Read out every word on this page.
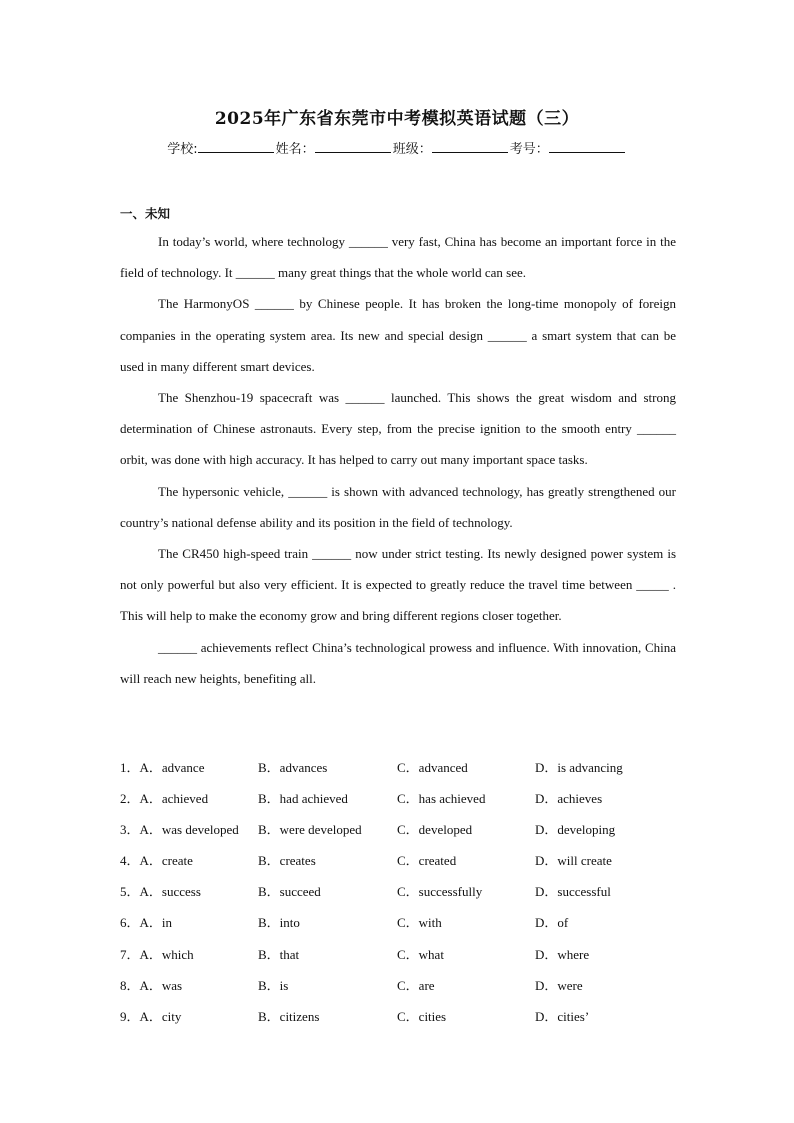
2025年广东省东莞市中考模拟英语试题（三）
学校:	姓名：	班级：	考号：
一、未知

In today’s world, where technology ______ very fast, China has become an important force in the field of technology. It ______ many great things that the whole world can see.

The HarmonyOS ______ by Chinese people. It has broken the long-time monopoly of foreign companies in the operating system area. Its new and special design ______ a smart system that can be used in many different smart devices.

The Shenzhou-19 spacecraft was ______ launched. This shows the great wisdom and strong determination of Chinese astronauts. Every step, from the precise ignition to the smooth entry ______ orbit, was done with high accuracy. It has helped to carry out many important space tasks.

The hypersonic vehicle, ______ is shown with advanced technology, has greatly strengthened our country’s national defense ability and its position in the field of technology.

The CR450 high-speed train ______ now under strict testing. Its newly designed power system is not only powerful but also very efficient. It is expected to greatly reduce the travel time between _____ . This will help to make the economy grow and bring different regions closer together.

______ achievements reflect China’s technological prowess and influence. With innovation, China will reach new heights, benefiting all.

1．A．advance	B．advances	C．advanced	D．is advancing
2．A．achieved	B．had achieved	C．has achieved	D．achieves
3．A．was developed B．were developed	C．developed	D．developing
4．A．create	B．creates	C．created	D．will create
5．A．success	B．succeed	C．successfully	D．successful
6．A．in	B．into	C．with	D．of
7．A．which	B．that	C．what	D．where
8．A．was	B．is	C．are	D．were
9．A．city	B．citizens	C．cities	D．cities’
